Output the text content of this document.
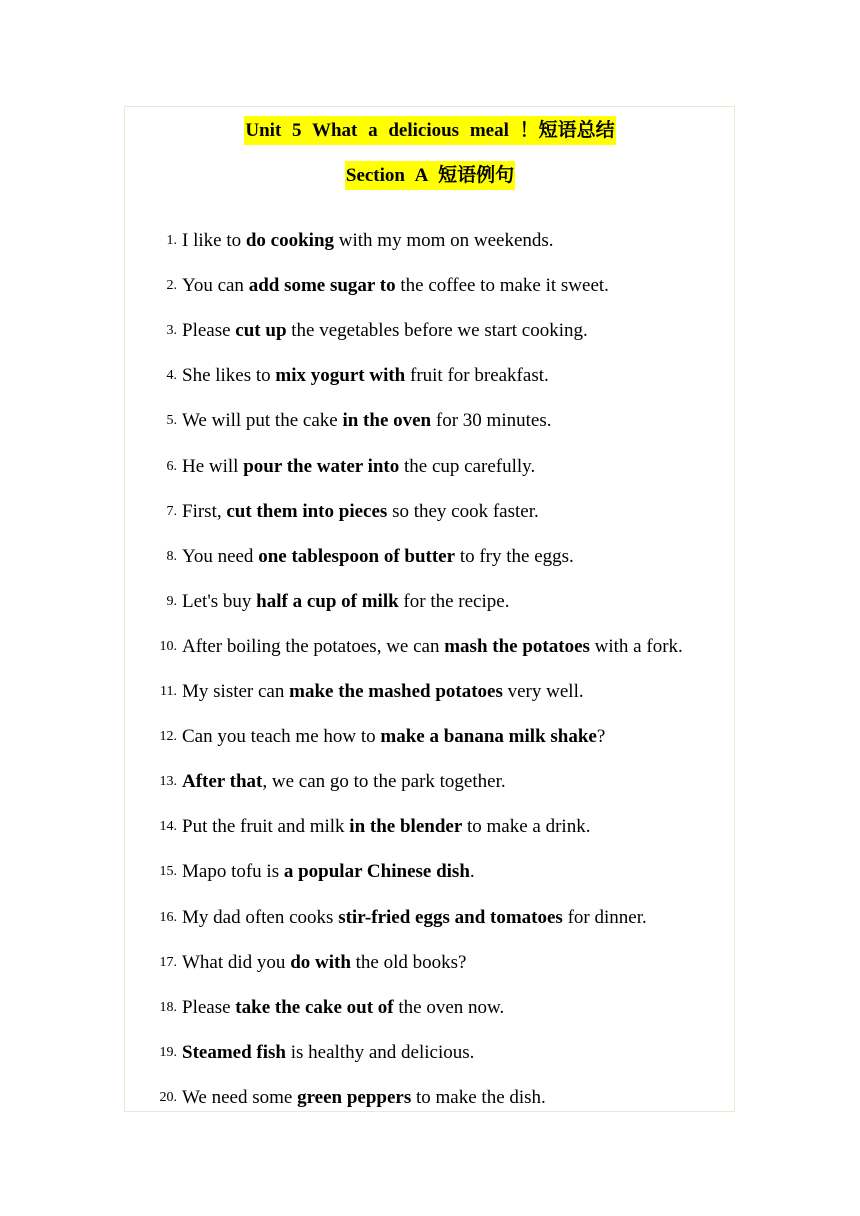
Unit 5 What a delicious meal ！短语总结
Section A 短语例句
1. I like to do cooking with my mom on weekends.
2. You can add some sugar to the coffee to make it sweet.
3. Please cut up the vegetables before we start cooking.
4. She likes to mix yogurt with fruit for breakfast.
5. We will put the cake in the oven for 30 minutes.
6. He will pour the water into the cup carefully.
7. First, cut them into pieces so they cook faster.
8. You need one tablespoon of butter to fry the eggs.
9. Let's buy half a cup of milk for the recipe.
10. After boiling the potatoes, we can mash the potatoes with a fork.
11. My sister can make the mashed potatoes very well.
12. Can you teach me how to make a banana milk shake?
13. After that, we can go to the park together.
14. Put the fruit and milk in the blender to make a drink.
15. Mapo tofu is a popular Chinese dish.
16. My dad often cooks stir-fried eggs and tomatoes for dinner.
17. What did you do with the old books?
18. Please take the cake out of the oven now.
19. Steamed fish is healthy and delicious.
20. We need some green peppers to make the dish.
